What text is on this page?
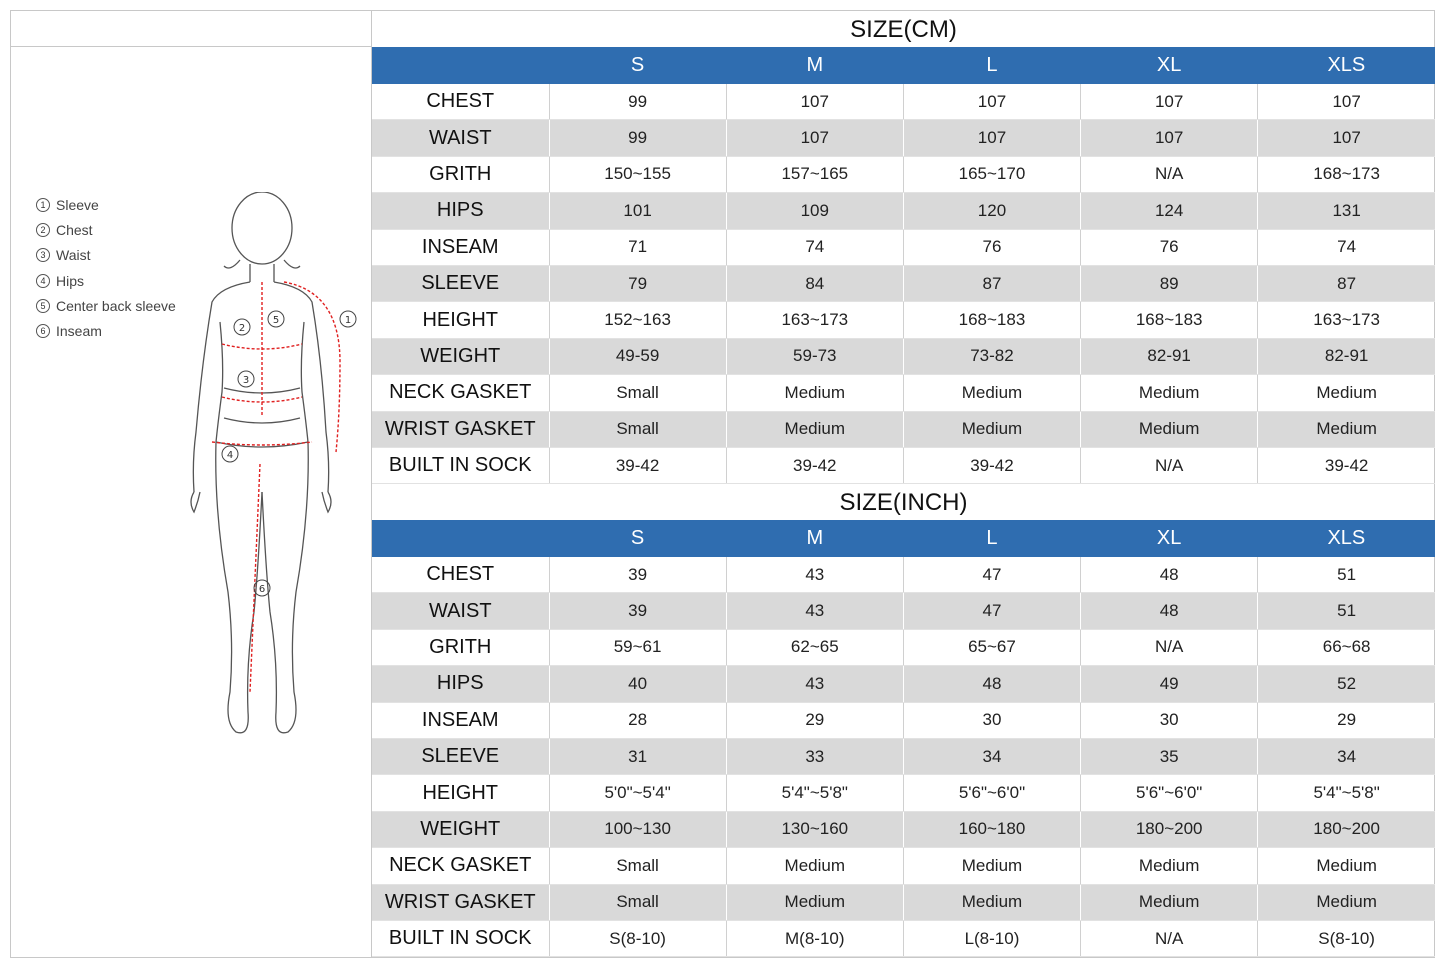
1 Sleeve
2 Chest
3 Waist
4 Hips
5 Center back sleeve
6 Inseam
1
2
3
4
5
6
SIZE(CM)
	S	M	L	XL	XLS
CHEST	99	107	107	107	107
WAIST	99	107	107	107	107
GRITH	150~155	157~165	165~170	N/A	168~173
HIPS	101	109	120	124	131
INSEAM	71	74	76	76	74
SLEEVE	79	84	87	89	87
HEIGHT	152~163	163~173	168~183	168~183	163~173
WEIGHT	49-59	59-73	73-82	82-91	82-91
NECK GASKET	Small	Medium	Medium	Medium	Medium
WRIST GASKET	Small	Medium	Medium	Medium	Medium
BUILT IN SOCK	39-42	39-42	39-42	N/A	39-42
SIZE(INCH)
	S	M	L	XL	XLS
CHEST	39	43	47	48	51
WAIST	39	43	47	48	51
GRITH	59~61	62~65	65~67	N/A	66~68
HIPS	40	43	48	49	52
INSEAM	28	29	30	30	29
SLEEVE	31	33	34	35	34
HEIGHT	5'0"~5'4"	5'4"~5'8"	5'6"~6'0"	5'6"~6'0"	5'4"~5'8"
WEIGHT	100~130	130~160	160~180	180~200	180~200
NECK GASKET	Small	Medium	Medium	Medium	Medium
WRIST GASKET	Small	Medium	Medium	Medium	Medium
BUILT IN SOCK	S(8-10)	M(8-10)	L(8-10)	N/A	S(8-10)
